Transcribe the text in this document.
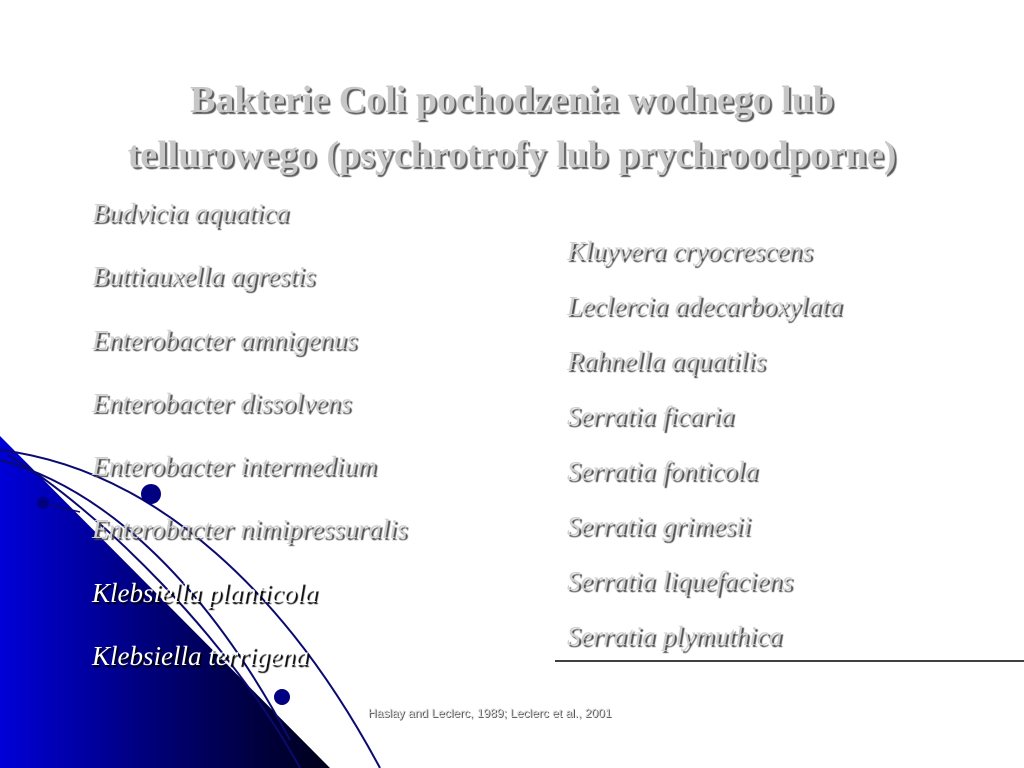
Bakterie Coli pochodzenia wodnego lub
tellurowego (psychrotrofy lub prychroodporne)
Budvicia aquatica
Buttiauxella agrestis
Enterobacter amnigenus
Enterobacter dissolvens
Enterobacter intermedium
Enterobacter nimipressuralis
Klebsiella planticola
Klebsiella terrigena
Kluyvera cryocrescens
Leclercia adecarboxylata
Rahnella aquatilis
Serratia ficaria
Serratia fonticola
Serratia grimesii
Serratia liquefaciens
Serratia plymuthica
Haslay and Leclerc, 1989; Leclerc et al., 2001
